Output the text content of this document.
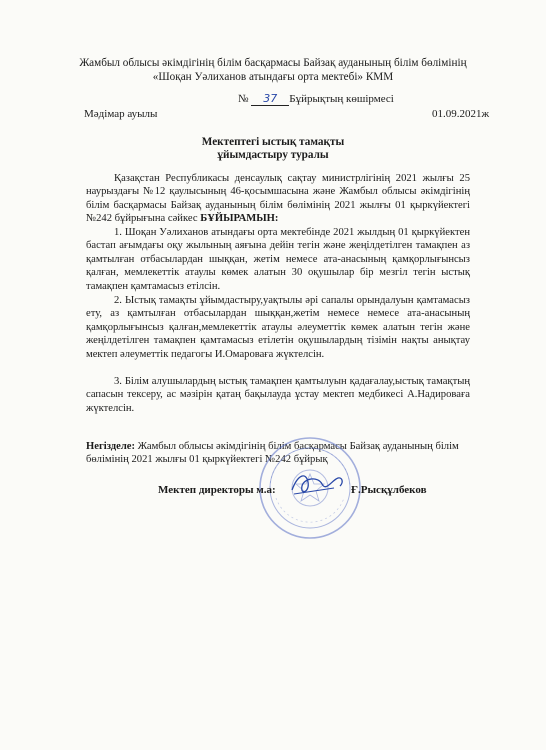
Жамбыл облысы әкімдігінің білім басқармасы Байзақ ауданының білім бөлімінің
«Шоқан Уәлиханов атындағы орта мектебі» КММ
№ 37 Бұйрықтың көшірмесі
Мәдімар ауылы	01.09.2021ж
Мектептегі ыстық тамақты
ұйымдастыру туралы
Қазақстан Республикасы денсаулық сақтау министрлігінің 2021 жылғы 25 наурыздағы №12 қаулысының 46-қосымшасына және Жамбыл облысы әкімдігінің білім басқармасы Байзақ ауданының білім бөлімінің 2021 жылғы 01 қыркүйектегі №242 бұйрығына сәйкес БҰЙЫРАМЫН:
1. Шоқан Уәлиханов атындағы орта мектебінде 2021 жылдың 01 қыркүйектен бастап ағымдағы оқу жылының аяғына дейін тегін және жеңілдетілген тамақпен аз қамтылған отбасылардан шыққан, жетім немесе ата-анасының қамқорлығынсыз қалған, мемлекеттік атаулы көмек алатын 30 оқушылар бір мезгіл тегін ыстық тамақпен қамтамасыз етілсін.
2. Ыстық тамақты ұйымдастыру,уақтылы әрі сапалы орындалуын қамтамасыз ету, аз қамтылған отбасылардан шыққан,жетім немесе немесе ата-анасының қамқорлығынсыз қалған,мемлекеттік атаулы әлеуметтік көмек алатын тегін және жеңілдетілген тамақпен қамтамасыз етілетін оқушылардың тізімін нақты анықтау мектеп әлеуметтік педагогы И.Омароваға жүктелсін.
3. Білім алушылардың ыстық тамақпен қамтылуын қадағалау,ыстық тамақтың сапасын тексеру, ас мәзірін қатаң бақылауда ұстау мектеп медбикесі А.Надироваға жүктелсін.
Негізделе: Жамбыл облысы әкімдігінің білім басқармасы Байзақ ауданының білім бөлімінің 2021 жылғы 01 қыркүйектегі №242 бұйрық
Мектеп директоры м.а:	Ғ.Рысқұлбеков
